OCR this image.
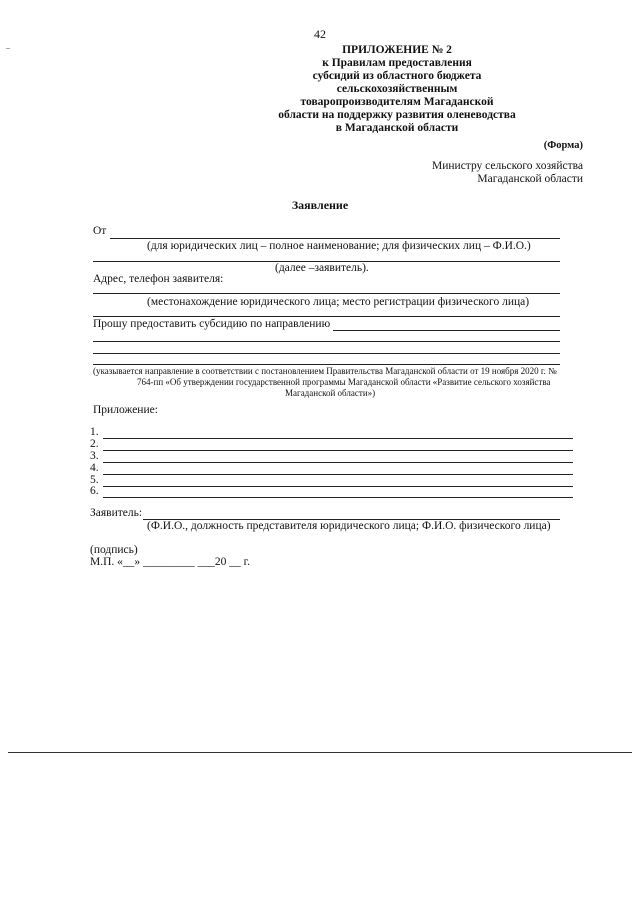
42
ПРИЛОЖЕНИЕ № 2
к Правилам предоставления
субсидий из областного бюджета
сельскохозяйственным
товаропроизводителям Магаданской
области на поддержку развития оленеводства
в Магаданской области
(Форма)
Министру сельского хозяйства
Магаданской области
Заявление
От
(для юридических лиц – полное наименование; для физических лиц – Ф.И.О.)
(далее –заявитель).
Адрес, телефон заявителя:
(местонахождение юридического лица; место регистрации физического лица)
Прошу предоставить субсидию по направлению
(указывается направление в соответствии с постановлением Правительства Магаданской области от 19 ноября 2020 г. №
764-пп «Об утверждении государственной программы Магаданской области «Развитие сельского хозяйства
Магаданской области»)
Приложение:
1.
2.
3.
4.
5.
6.
Заявитель:
(Ф.И.О., должность представителя юридического лица; Ф.И.О. физического лица)
(подпись)
М.П. «__» _________ ___20 __ г.
